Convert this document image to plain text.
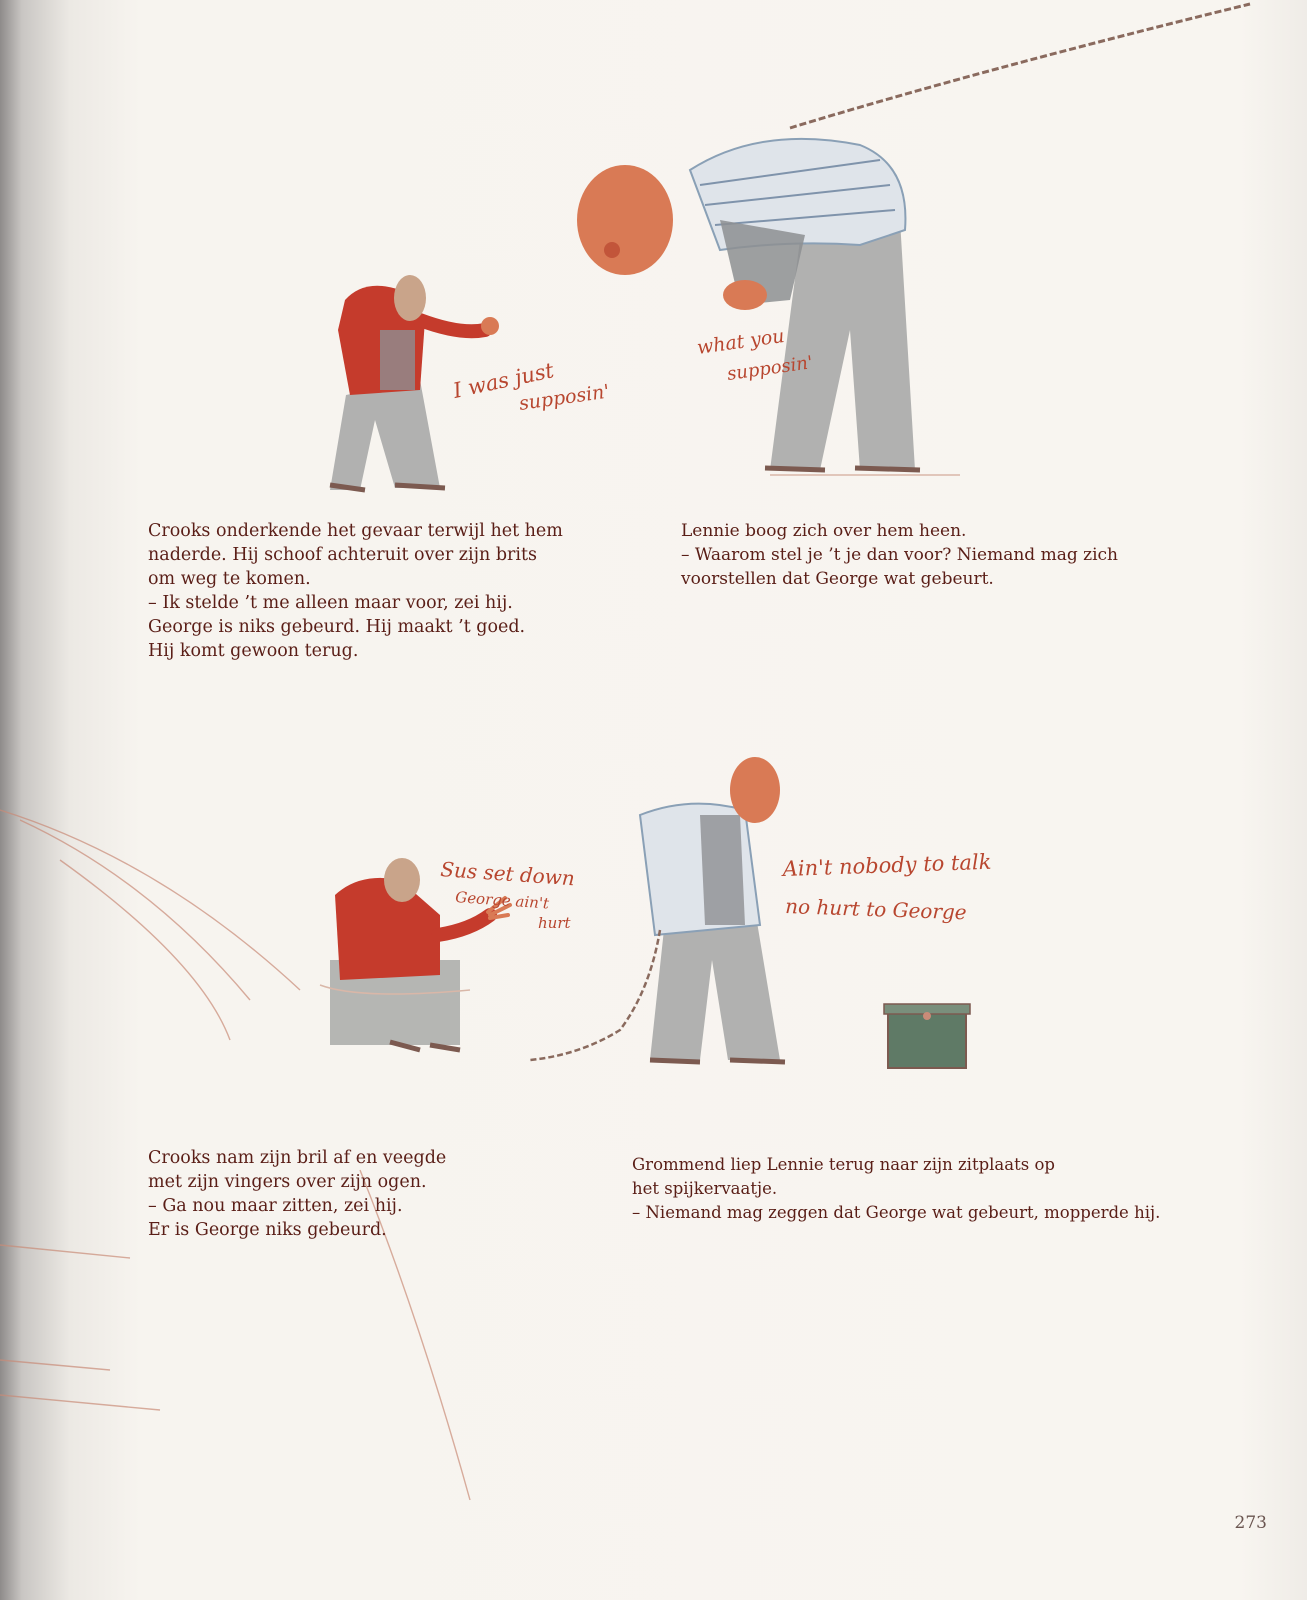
I was just
supposin'
what you
supposin'
Sus set down
George ain't
hurt
Ain't nobody to talk
no hurt to George
Crooks onderkende het gevaar terwijl het hem
naderde. Hij schoof achteruit over zijn brits
om weg te komen.
– Ik stelde ’t me alleen maar voor, zei hij.
George is niks gebeurd. Hij maakt ’t goed.
Hij komt gewoon terug.
Lennie boog zich over hem heen.
– Waarom stel je ’t je dan voor? Niemand mag zich
voorstellen dat George wat gebeurt.
Crooks nam zijn bril af en veegde
met zijn vingers over zijn ogen.
– Ga nou maar zitten, zei hij.
Er is George niks gebeurd.
Grommend liep Lennie terug naar zijn zitplaats op
het spijkervaatje.
– Niemand mag zeggen dat George wat gebeurt, mopperde hij.
273
